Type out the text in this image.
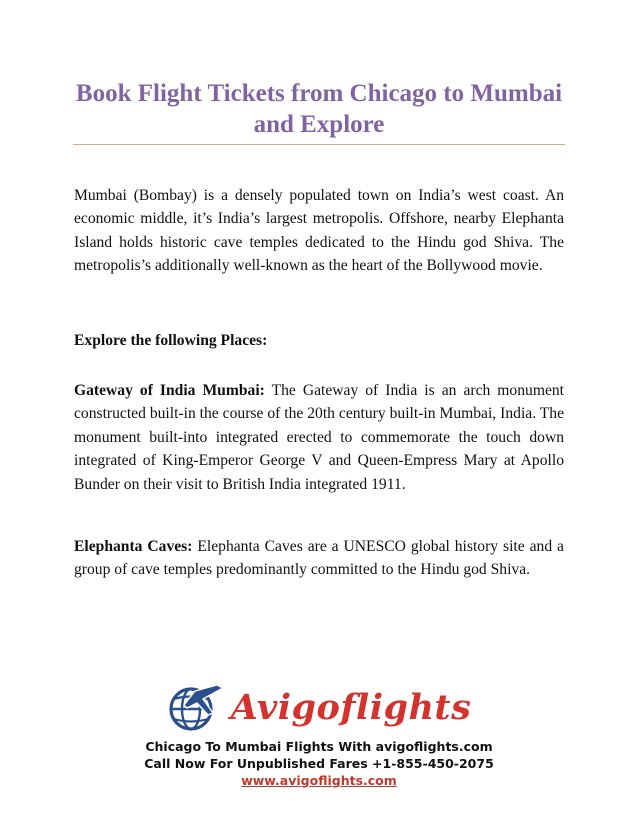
Book Flight Tickets from Chicago to Mumbai and Explore

Mumbai (Bombay) is a densely populated town on India’s west coast. An economic middle, it’s India’s largest metropolis. Offshore, nearby Elephanta Island holds historic cave temples dedicated to the Hindu god Shiva. The metropolis’s additionally well-known as the heart of the Bollywood movie.

Explore the following Places:

Gateway of India Mumbai: The Gateway of India is an arch monument constructed built-in the course of the 20th century built-in Mumbai, India. The monument built-into integrated erected to commemorate the touch down integrated of King-Emperor George V and Queen-Empress Mary at Apollo Bunder on their visit to British India integrated 1911.

Elephanta Caves: Elephanta Caves are a UNESCO global history site and a group of cave temples predominantly committed to the Hindu god Shiva.

Avigoflights

Chicago To Mumbai Flights With avigoflights.com

Call Now For Unpublished Fares +1-855-450-2075

www.avigoflights.com
